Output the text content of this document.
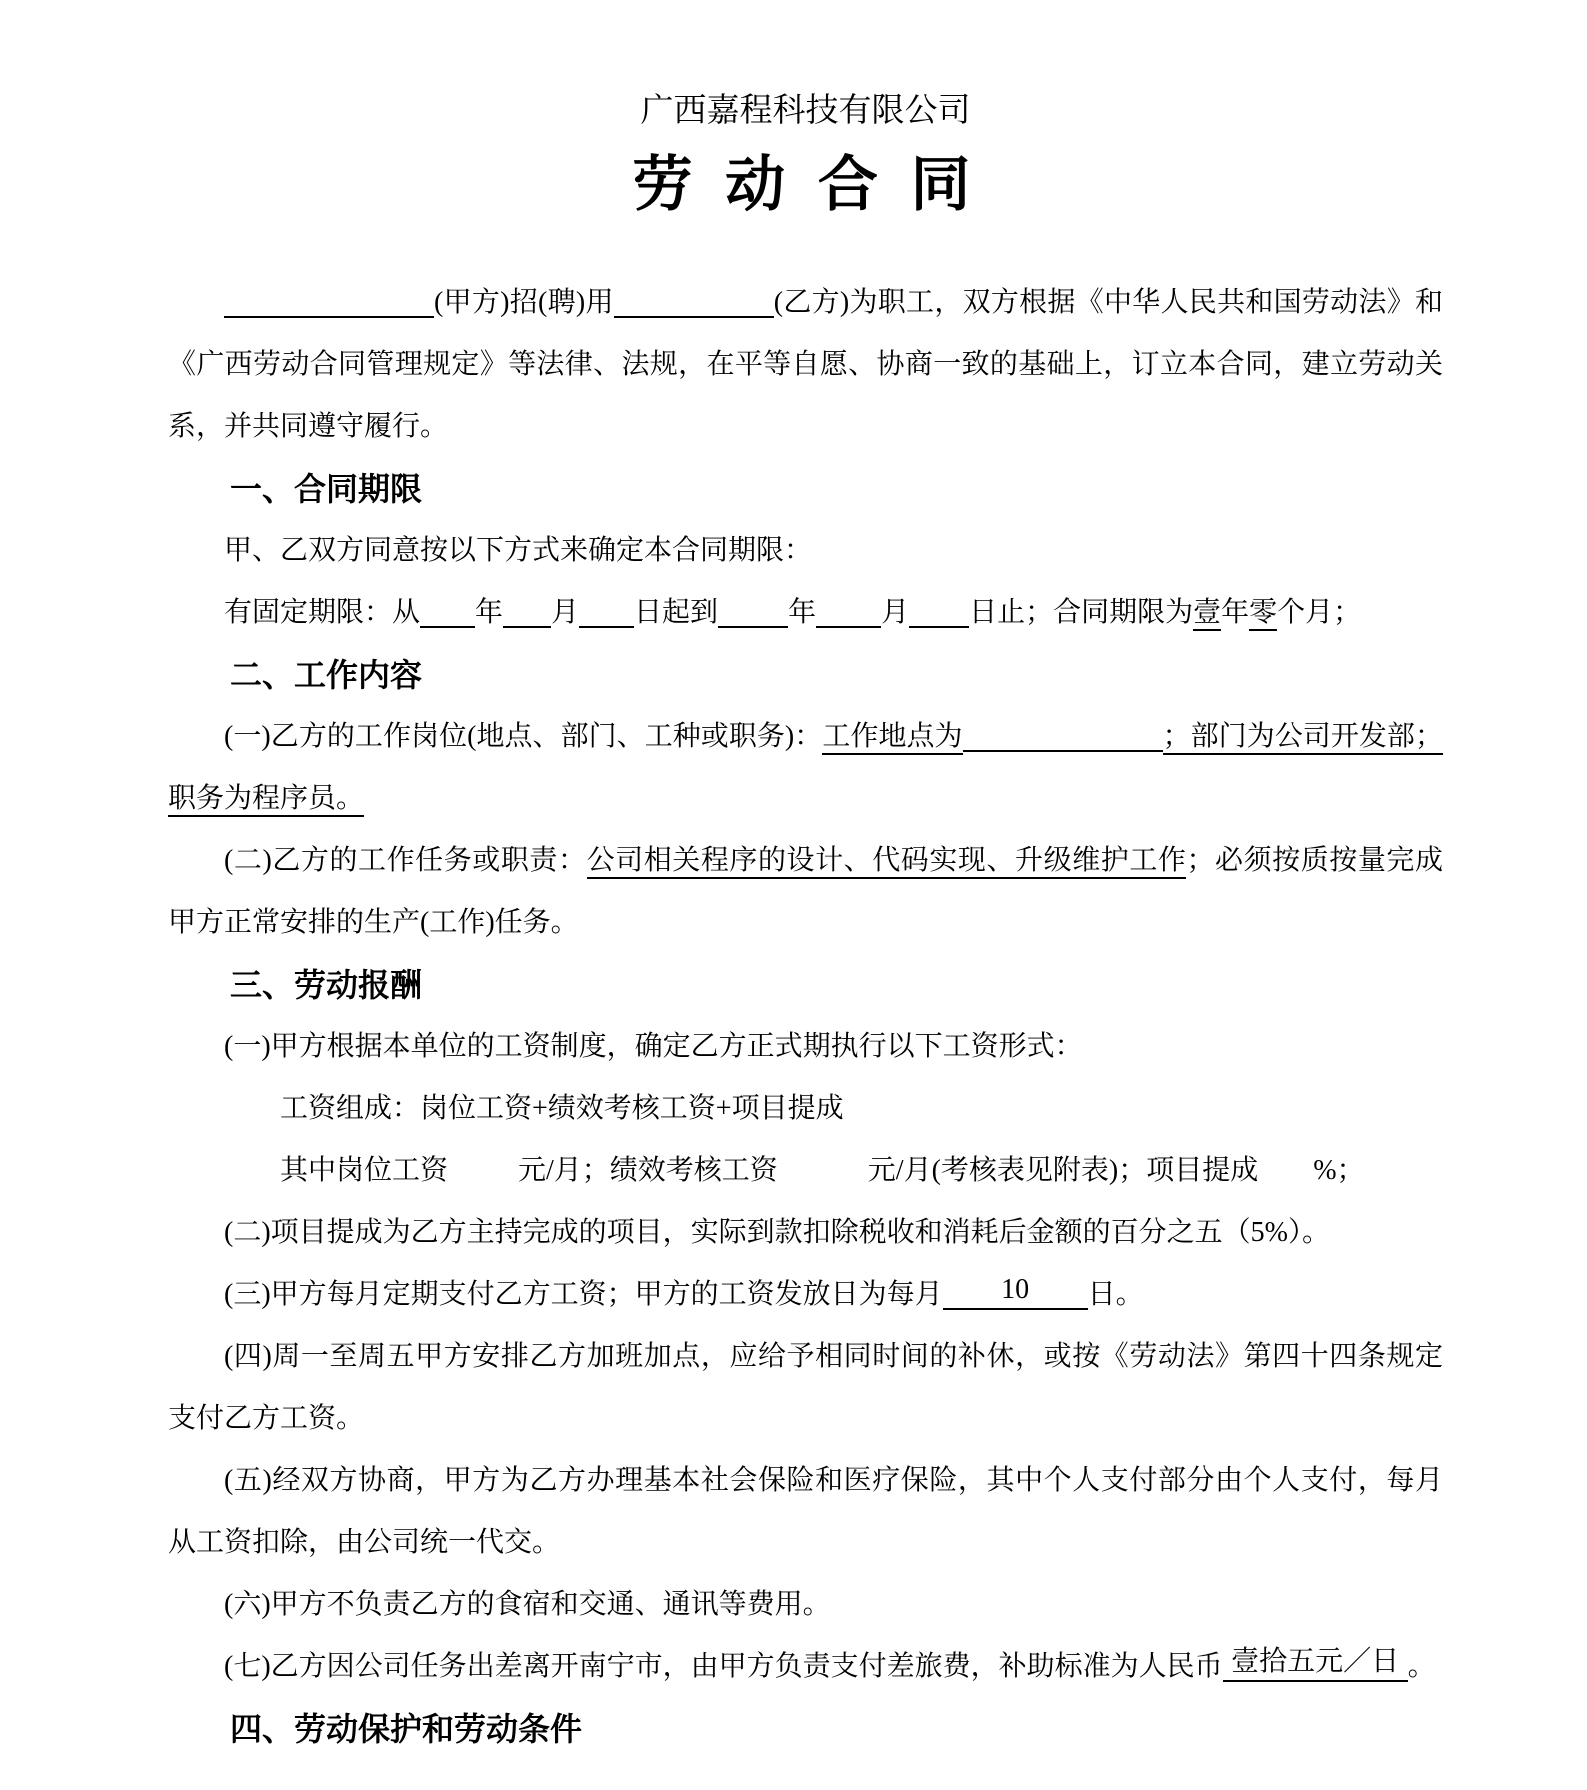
广西嘉程科技有限公司
劳 动 合 同
(甲方)招(聘)用	(乙方)为职工，双方根据《中华人民共和国劳动法》和《广西劳动合同管理规定》等法律、法规，在平等自愿、协商一致的基础上，订立本合同，建立劳动关系，并共同遵守履行。
一、合同期限
甲、乙双方同意按以下方式来确定本合同期限：
有固定期限：从 年 月 日起到	年 月 日止；合同期限为壹年零个月；
二、工作内容
(一)乙方的工作岗位(地点、部门、工种或职务)：工作地点为	；部门为公司开发部；职务为程序员。
(二)乙方的工作任务或职责：公司相关程序的设计、代码实现、升级维护工作；必须按质按量完成甲方正常安排的生产(工作)任务。
三、劳动报酬
(一)甲方根据本单位的工资制度，确定乙方正式期执行以下工资形式：
工资组成：岗位工资+绩效考核工资+项目提成
其中岗位工资	元/月；绩效考核工资	元/月(考核表见附表)；项目提成 %；
(二)项目提成为乙方主持完成的项目，实际到款扣除税收和消耗后金额的百分之五（5%）。
(三)甲方每月定期支付乙方工资；甲方的工资发放日为每月 10 日。
(四)周一至周五甲方安排乙方加班加点，应给予相同时间的补休，或按《劳动法》第四十四条规定支付乙方工资。
(五)经双方协商，甲方为乙方办理基本社会保险和医疗保险，其中个人支付部分由个人支付，每月从工资扣除，由公司统一代交。
(六)甲方不负责乙方的食宿和交通、通讯等费用。
(七)乙方因公司任务出差离开南宁市，由甲方负责支付差旅费，补助标准为人民币 壹拾五元／日 。
四、劳动保护和劳动条件
